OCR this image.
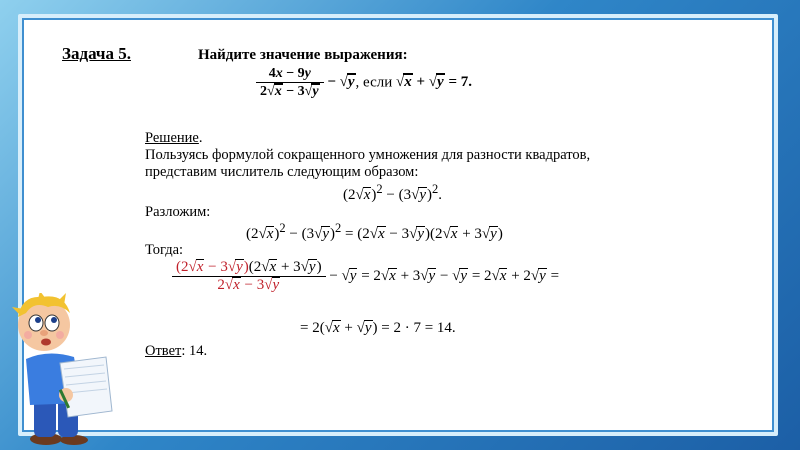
Задача 5.	Найдите значение выражения:
$\frac{4x - 9y}{2√x - 3√y} - √y$, если √x + √y = 7.
Решение.
Пользуясь формулой сокращенного умножения для разности квадратов,
представим числитель следующим образом:
$(2√x)^2 - (3√y)^2$.
Разложим:
$(2√x)^2 - (3√y)^2 = (2√x - 3√y)(2√x + 3√y)$
Тогда:
$\frac{(2√x - 3√y)(2√x + 3√y)}{2√x - 3√y} - √y = 2√x + 3√y - √y = 2√x + 2√y$ =
= 2(√x + √y) = 2 · 7 = 14.
Ответ: 14.
